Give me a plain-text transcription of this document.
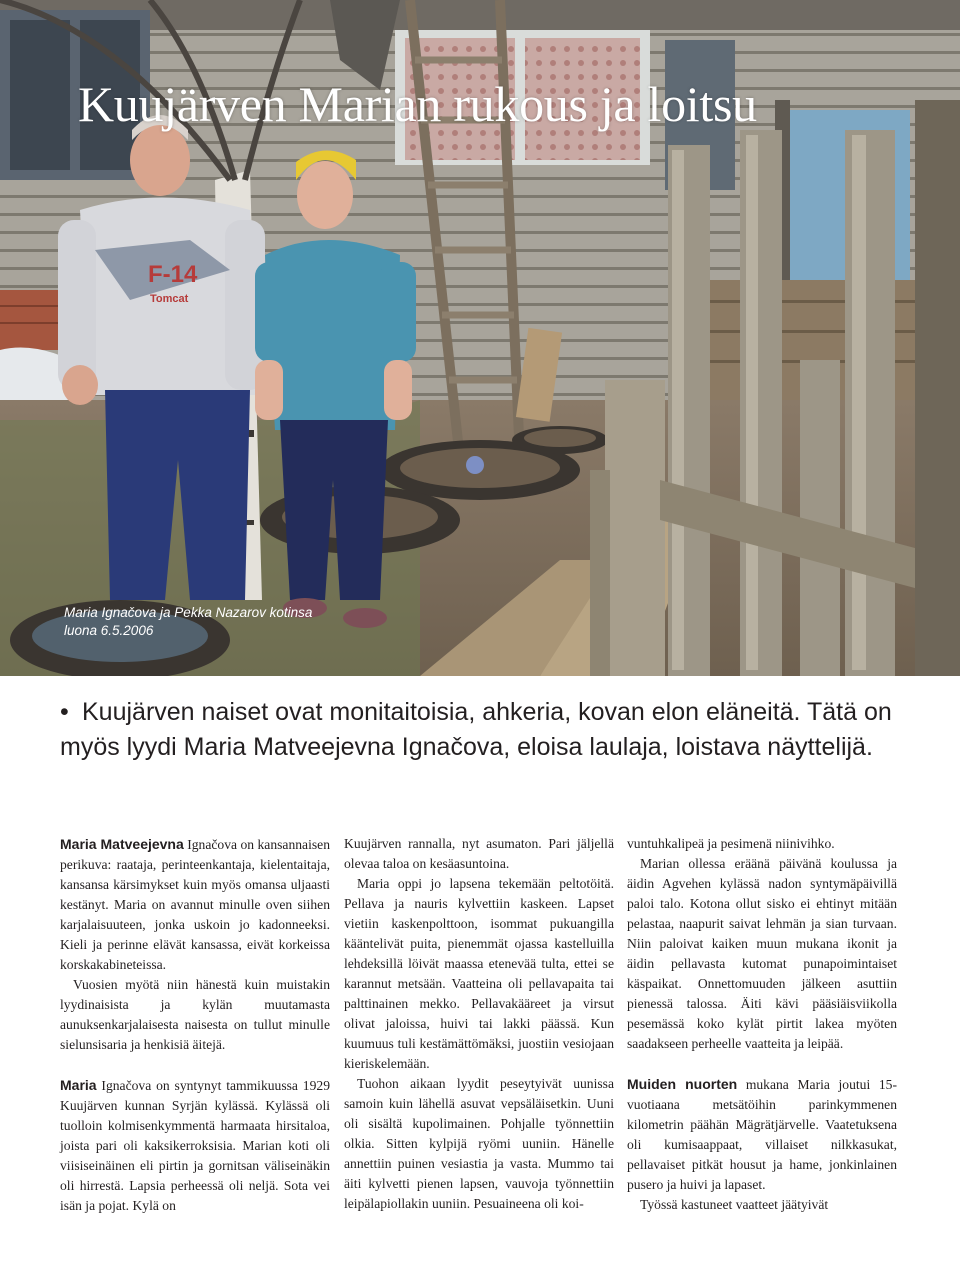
F-14
Tomcat
Kuujärven Marian rukous ja loitsu

Maria Ignačova ja Pekka Nazarov kotinsa luona 6.5.2006

• Kuujärven naiset ovat monitaitoisia, ahkeria, kovan elon eläneitä. Tätä on myös lyydi Maria Matveejevna Ignačova, eloisa laulaja, loistava näyttelijä.

Maria Matveejevna Ignačova on kansannaisen perikuva: raataja, perinteenkantaja, kielentaitaja, kansansa kärsimykset kuin myös omansa uljaasti kestänyt. Maria on avannut minulle oven siihen karjalaisuuteen, jonka uskoin jo kadonneeksi. Kieli ja perinne elävät kansassa, eivät korkeissa korskakabineteissa.

Vuosien myötä niin hänestä kuin muistakin lyydinaisista ja kylän muutamasta aunuksenkarjalaisesta naisesta on tullut minulle sielunsisaria ja henkisiä äitejä.

Maria Ignačova on syntynyt tammikuussa 1929 Kuujärven kunnan Syrjän kylässä. Kylässä oli tuolloin kolmisenkymmentä harmaata hirsitaloa, joista pari oli kaksikerroksisia. Marian koti oli viisiseinäinen eli pirtin ja gornitsan väliseinäkin oli hirrestä. Lapsia perheessä oli neljä. Sota vei isän ja pojat. Kylä on

Kuujärven rannalla, nyt asumaton. Pari jäljellä olevaa taloa on kesäasuntoina.

Maria oppi jo lapsena tekemään peltotöitä. Pellava ja nauris kylvettiin kaskeen. Lapset vietiin kaskenpolttoon, isommat pukuangilla kääntelivät puita, pienemmät ojassa kastelluilla lehdeksillä löivät maassa etenevää tulta, ettei se karannut metsään. Vaatteina oli pellavapaita tai palttinainen mekko. Pellavakääreet ja virsut olivat jaloissa, huivi tai lakki päässä. Kun kuumuus tuli kestämättömäksi, juostiin vesiojaan kieriskelemään.

Tuohon aikaan lyydit peseytyivät uunissa samoin kuin lähellä asuvat vepsäläisetkin. Uuni oli sisältä kupolimainen. Pohjalle työnnettiin olkia. Sitten kylpijä ryömi uuniin. Hänelle annettiin puinen vesiastia ja vasta. Mummo tai äiti kylvetti pienen lapsen, vauvoja työnnettiin leipälapiollakin uuniin. Pesuaineena oli koi-

vuntuhkalipeä ja pesimenä niinivihko.

Marian ollessa eräänä päivänä koulussa ja äidin Agvehen kylässä nadon syntymäpäivillä paloi talo. Kotona ollut sisko ei ehtinyt mitään pelastaa, naapurit saivat lehmän ja sian turvaan. Niin paloivat kaiken muun mukana ikonit ja äidin pellavasta kutomat punapoimintaiset käspaikat. Onnettomuuden jälkeen asuttiin pienessä talossa. Äiti kävi pääsiäisviikolla pesemässä koko kylät pirtit lakea myöten saadakseen perheelle vaatteita ja leipää.

Muiden nuorten mukana Maria joutui 15-vuotiaana metsätöihin parinkymmenen kilometrin päähän Mägrätjärvelle. Vaatetuksena oli kumisaappaat, villaiset nilkkasukat, pellavaiset pitkät housut ja hame, jonkinlainen pusero ja huivi ja lapaset.

Työssä kastuneet vaatteet jäätyivät
